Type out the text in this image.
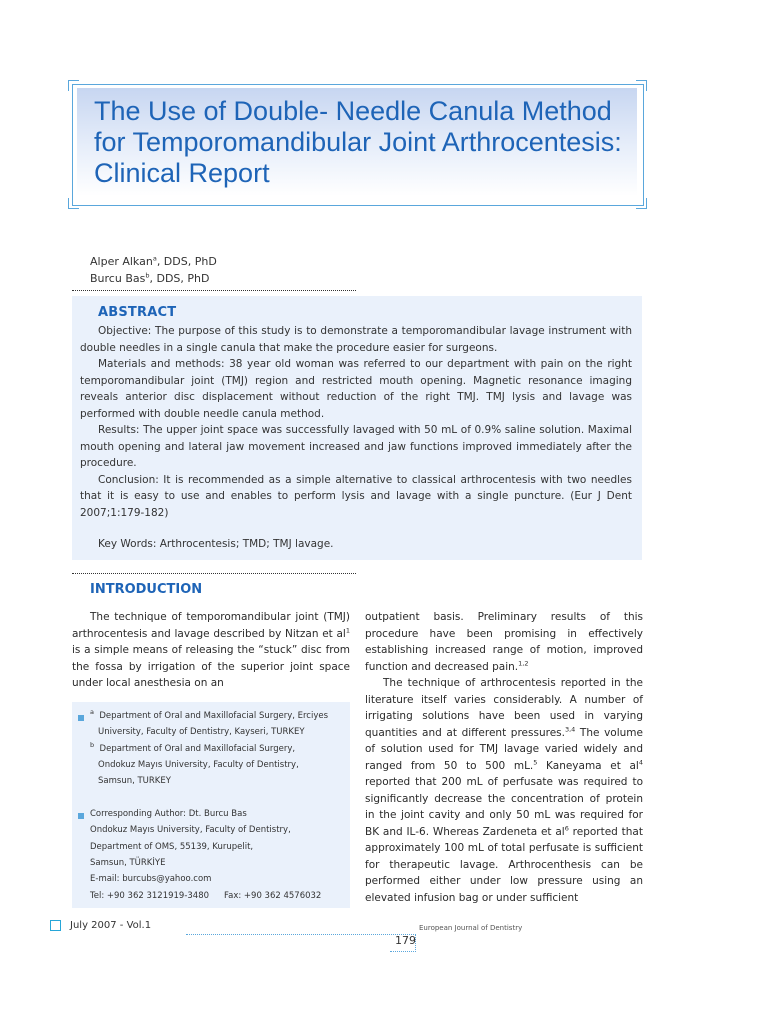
The Use of Double- Needle Canula Method for Temporomandibular Joint Arthrocentesis: Clinical Report
Alper Alkan$^a$, DDS, PhD
Burcu Bas$^b$, DDS, PhD
ABSTRACT

Objective: The purpose of this study is to demonstrate a temporomandibular lavage instrument with double needles in a single canula that make the procedure easier for surgeons.

Materials and methods: 38 year old woman was referred to our department with pain on the right temporomandibular joint (TMJ) region and restricted mouth opening. Magnetic resonance imaging reveals anterior disc displacement without reduction of the right TMJ. TMJ lysis and lavage was performed with double needle canula method.

Results: The upper joint space was successfully lavaged with 50 mL of 0.9% saline solution. Maximal mouth opening and lateral jaw movement increased and jaw functions improved immediately after the procedure.

Conclusion: It is recommended as a simple alternative to classical arthrocentesis with two needles that it is easy to use and enables to perform lysis and lavage with a single puncture. (Eur J Dent 2007;1:179-182)

Key Words: Arthrocentesis; TMD; TMJ lavage.
INTRODUCTION

The technique of temporomandibular joint (TMJ) arthrocentesis and lavage described by Nitzan et $al^1$ is a simple means of releasing the “stuck” disc from the fossa by irrigation of the superior joint space under local anesthesia on an

outpatient basis. Preliminary results of this procedure have been promising in effectively establishing increased range of motion, improved function and decreased pain.$^{1,2}$

The technique of arthrocentesis reported in the literature itself varies considerably. A number of irrigating solutions have been used in varying quantities and at different pressures.$^{3,4}$ The volume of solution used for TMJ lavage varied widely and ranged from 50 to 500 mL.$^5$ Kaneyama et $al^4$ reported that 200 mL of perfusate was required to significantly decrease the concentration of protein in the joint cavity and only 50 mL was required for BK and IL-6. Whereas Zardeneta et $al^6$ reported that approximately 100 mL of total perfusate is sufficient for therapeutic lavage. Arthrocenthesis can be performed either under low pressure using an elevated infusion bag or under sufficient

$^a$ Department of Oral and Maxillofacial Surgery, Erciyes
University, Faculty of Dentistry, Kayseri, TURKEY
$^b$ Department of Oral and Maxillofacial Surgery,
Ondokuz Mayıs University, Faculty of Dentistry,
Samsun, TURKEY
Corresponding Author: Dt. Burcu Bas
Ondokuz Mayıs University, Faculty of Dentistry,
Department of OMS, 55139, Kurupelit,
Samsun, TÜRKİYE
E-mail: burcubs@yahoo.com
Tel: +90 362 3121919-3480 Fax: +90 362 4576032
July 2007 - Vol.1	European Journal of Dentistry
179
